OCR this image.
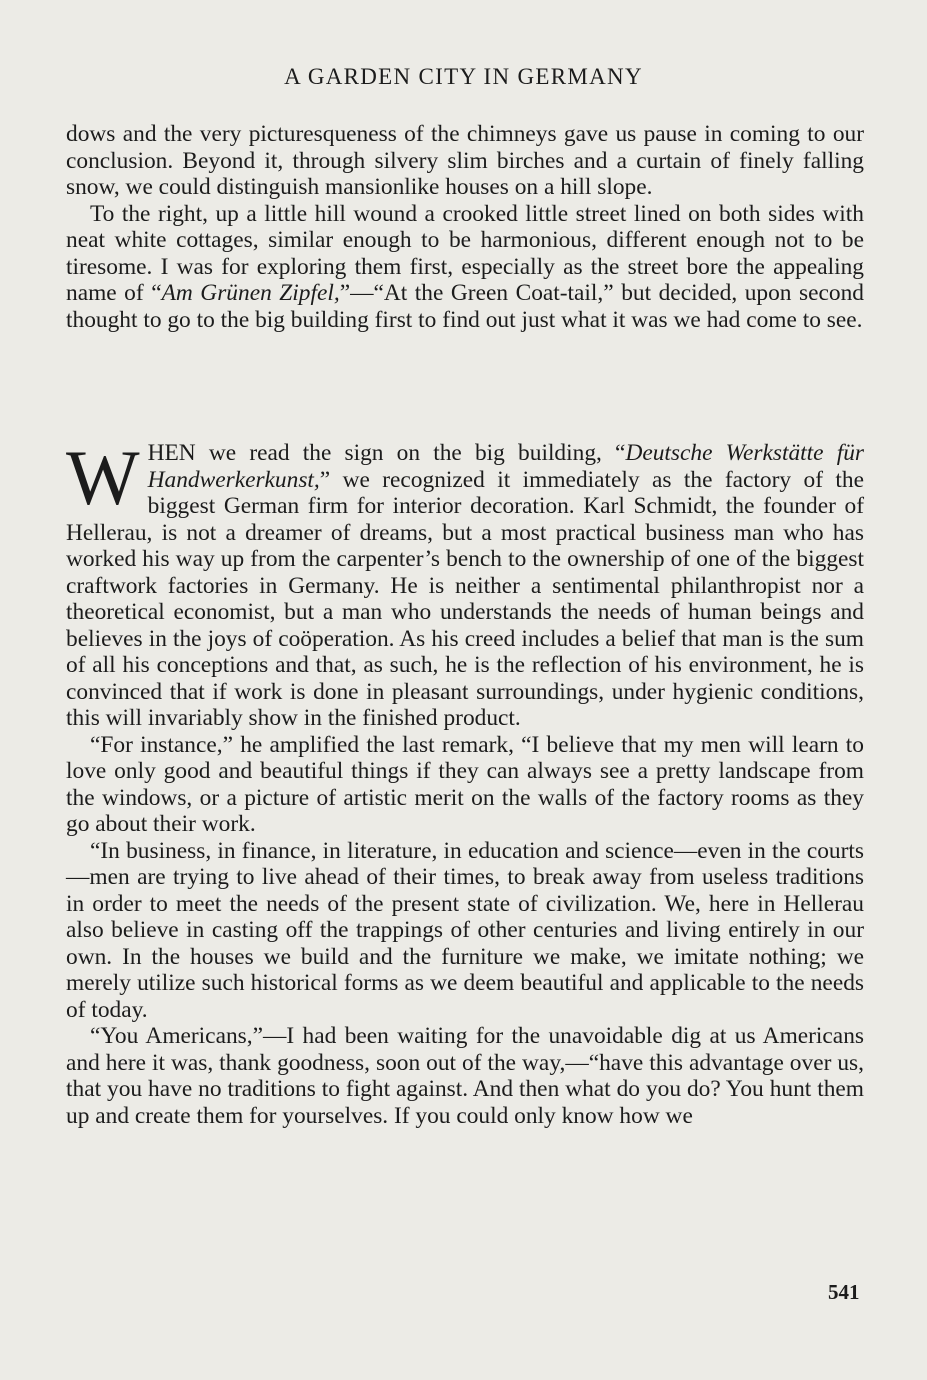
A GARDEN CITY IN GERMANY

dows and the very picturesqueness of the chimneys gave us pause in coming to our conclusion. Beyond it, through silvery slim birches and a curtain of finely falling snow, we could distinguish mansionlike houses on a hill slope.

To the right, up a little hill wound a crooked little street lined on both sides with neat white cottages, similar enough to be harmonious, different enough not to be tiresome. I was for exploring them first, especially as the street bore the appealing name of “Am Grünen Zipfel,”—“At the Green Coat-tail,” but decided, upon second thought to go to the big building first to find out just what it was we had come to see.

WHEN we read the sign on the big building, “Deutsche Werkstätte für Handwerkerkunst,” we recognized it immediately as the factory of the biggest German firm for interior decoration. Karl Schmidt, the founder of Hellerau, is not a dreamer of dreams, but a most practical business man who has worked his way up from the carpenter’s bench to the ownership of one of the biggest craftwork factories in Germany. He is neither a sentimental philanthropist nor a theoretical economist, but a man who understands the needs of human beings and believes in the joys of coöperation. As his creed includes a belief that man is the sum of all his conceptions and that, as such, he is the reflection of his environment, he is convinced that if work is done in pleasant surroundings, under hygienic conditions, this will invariably show in the finished product.

“For instance,” he amplified the last remark, “I believe that my men will learn to love only good and beautiful things if they can always see a pretty landscape from the windows, or a picture of artistic merit on the walls of the factory rooms as they go about their work.

“In business, in finance, in literature, in education and science—even in the courts—men are trying to live ahead of their times, to break away from useless traditions in order to meet the needs of the present state of civilization. We, here in Hellerau also believe in casting off the trappings of other centuries and living entirely in our own. In the houses we build and the furniture we make, we imitate nothing; we merely utilize such historical forms as we deem beautiful and applicable to the needs of today.

“You Americans,”—I had been waiting for the unavoidable dig at us Americans and here it was, thank goodness, soon out of the way,—“have this advantage over us, that you have no traditions to fight against. And then what do you do? You hunt them up and create them for yourselves. If you could only know how we

541
